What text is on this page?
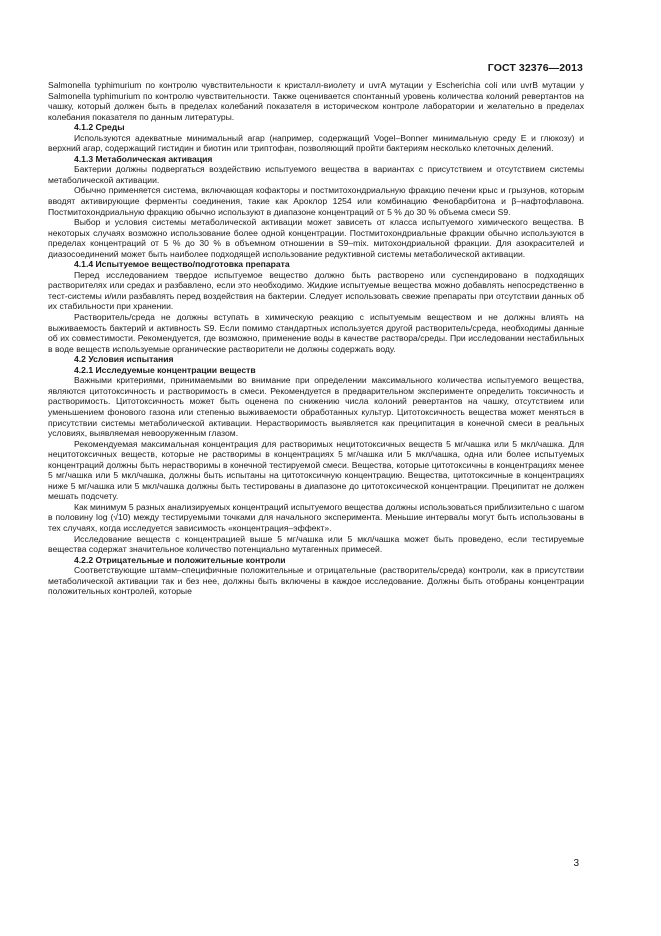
ГОСТ 32376—2013

Salmonella typhimurium по контролю чувствительности к кристалл-виолету и uvrA мутации у Escherichia coli или uvrB мутации у Salmonella typhimurium по контролю чувствительности. Также оценивается спонтанный уровень количества колоний ревертантов на чашку, который должен быть в пределах колебаний показателя в историческом контроле лаборатории и желательно в пределах колебания показателя по данным литературы.

4.1.2 Среды

Используются адекватные минимальный агар (например, содержащий Vogel–Bonner минимальную среду E и глюкозу) и верхний агар, содержащий гистидин и биотин или триптофан, позволяющий пройти бактериям несколько клеточных делений.

4.1.3 Метаболическая активация

Бактерии должны подвергаться воздействию испытуемого вещества в вариантах с присутствием и отсутствием системы метаболической активации.

Обычно применяется система, включающая кофакторы и постмитохондриальную фракцию печени крыс и грызунов, которым вводят активирующие ферменты соединения, такие как Ароклор 1254 или комбинацию Фенобарбитона и β–нафтофлавона. Постмитохондриальную фракцию обычно используют в диапазоне концентраций от 5 % до 30 % объема смеси S9.

Выбор и условия системы метаболической активации может зависеть от класса испытуемого химического вещества. В некоторых случаях возможно использование более одной концентрации. Постмитохондриальные фракции обычно используются в пределах концентраций от 5 % до 30 % в объемном отношении в S9–mix. митохондриальной фракции. Для азокрасителей и диазосоединений может быть наиболее подходящей использование редуктивной системы метаболической активации.

4.1.4 Испытуемое вещество/подготовка препарата

Перед исследованием твердое испытуемое вещество должно быть растворено или суспендировано в подходящих растворителях или средах и разбавлено, если это необходимо. Жидкие испытуемые вещества можно добавлять непосредственно в тест-системы и/или разбавлять перед воздействия на бактерии. Следует использовать свежие препараты при отсутствии данных об их стабильности при хранении.

Растворитель/среда не должны вступать в химическую реакцию с испытуемым веществом и не должны влиять на выживаемость бактерий и активность S9. Если помимо стандартных используется другой растворитель/среда, необходимы данные об их совместимости. Рекомендуется, где возможно, применение воды в качестве раствора/среды. При исследовании нестабильных в воде веществ используемые органические растворители не должны содержать воду.

4.2 Условия испытания
4.2.1 Исследуемые концентрации веществ

Важными критериями, принимаемыми во внимание при определении максимального количества испытуемого вещества, являются цитотоксичность и растворимость в смеси. Рекомендуется в предварительном эксперименте определить токсичность и растворимость. Цитотоксичность может быть оценена по снижению числа колоний ревертантов на чашку, отсутствием или уменьшением фонового газона или степенью выживаемости обработанных культур. Цитотоксичность вещества может меняться в присутствии системы метаболической активации. Нерастворимость выявляется как преципитация в конечной смеси в реальных условиях, выявляемая невооруженным глазом.

Рекомендуемая максимальная концентрация для растворимых нецитотоксичных веществ 5 мг/чашка или 5 мкл/чашка. Для нецитотоксичных веществ, которые не растворимы в концентрациях 5 мг/чашка или 5 мкл/чашка, одна или более испытуемых концентраций должны быть нерастворимы в конечной тестируемой смеси. Вещества, которые цитотоксичны в концентрациях менее 5 мг/чашка или 5 мкл/чашка, должны быть испытаны на цитотоксичную концентрацию. Вещества, цитотоксичные в концентрациях ниже 5 мг/чашка или 5 мкл/чашка должны быть тестированы в диапазоне до цитотоксической концентрации. Преципитат не должен мешать подсчету.

Как минимум 5 разных анализируемых концентраций испытуемого вещества должны использоваться приблизительно с шагом в половину log (√10) между тестируемыми точками для начального эксперимента. Меньшие интервалы могут быть использованы в тех случаях, когда исследуется зависимость «концентрация–эффект».

Исследование веществ с концентрацией выше 5 мг/чашка или 5 мкл/чашка может быть проведено, если тестируемые вещества содержат значительное количество потенциально мутагенных примесей.

4.2.2 Отрицательные и положительные контроли

Соответствующие штамм–специфичные положительные и отрицательные (растворитель/среда) контроли, как в присутствии метаболической активации так и без нее, должны быть включены в каждое исследование. Должны быть отобраны концентрации положительных контролей, которые

3
